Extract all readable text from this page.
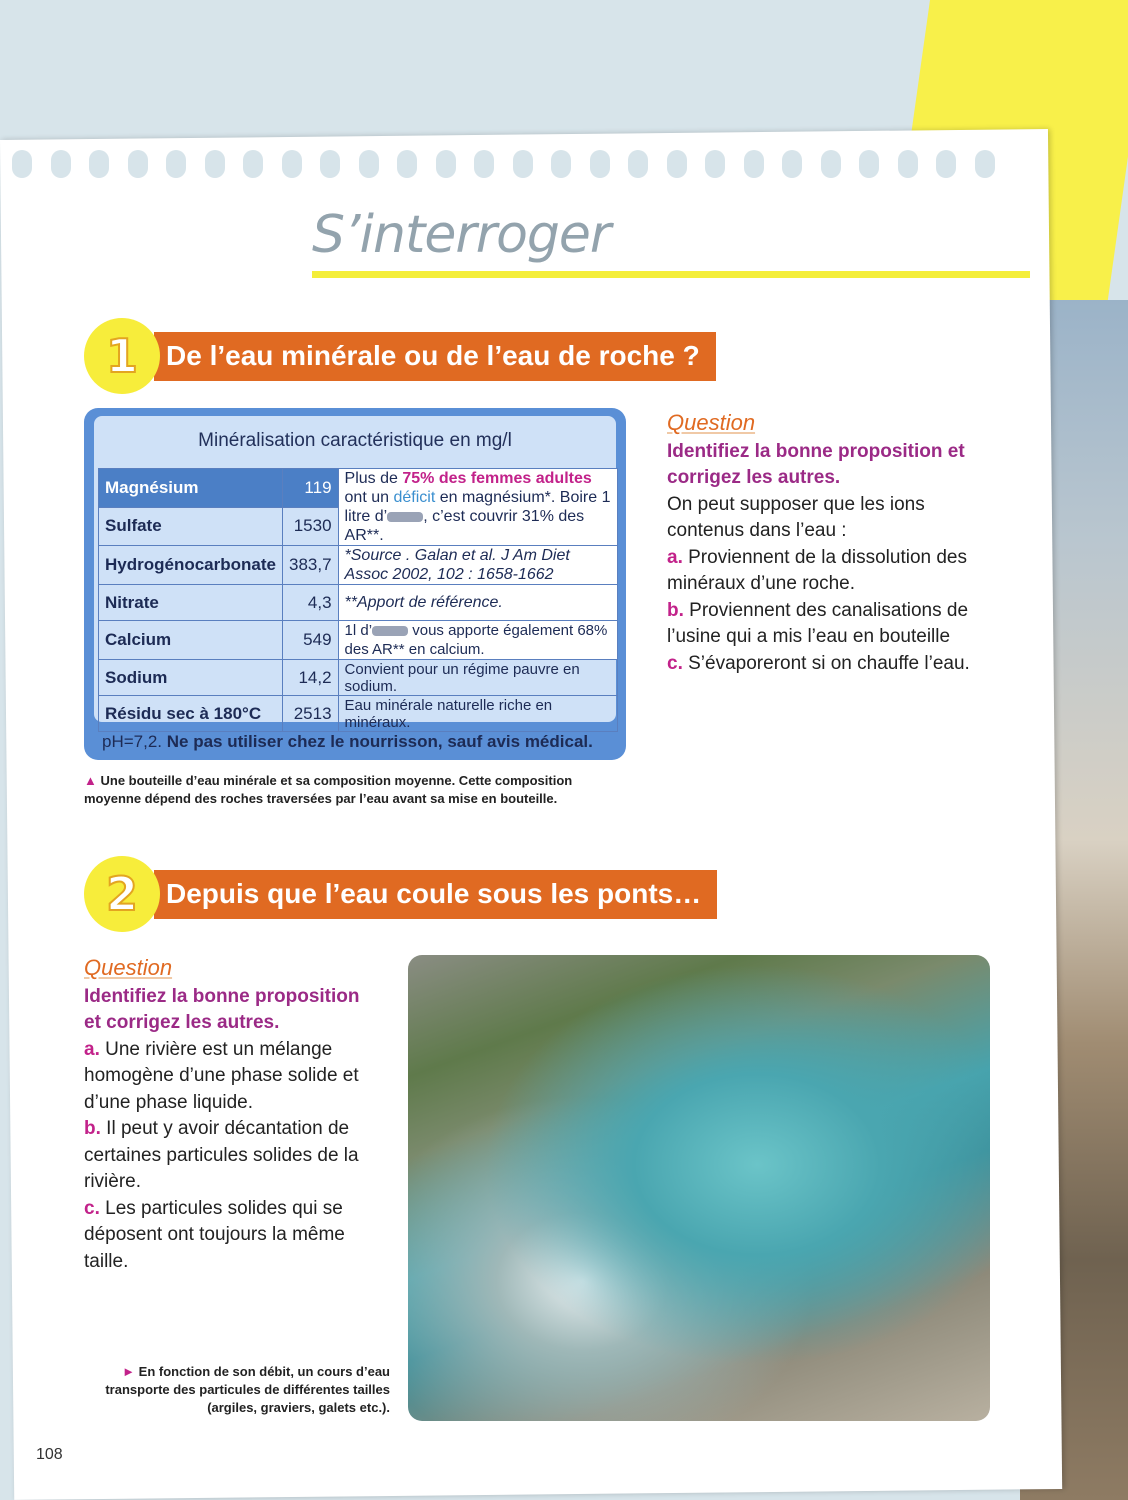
S’interroger
1	De l’eau minérale ou de l’eau de roche ?
Minéralisation caractéristique en mg/l
Magnésium	119	Plus de 75% des femmes adultes ont un déficit en magnésium*. Boire 1 litre d’ , c’est couvrir 31% des AR**.
Sulfate	1530	
Hydrogénocarbonate	383,7	*Source . Galan et al. J Am Diet Assoc 2002, 102 : 1658-1662
Nitrate	4,3	**Apport de référence.
Calcium	549	1l d’ vous apporte également 68% des AR** en calcium.
Sodium	14,2	Convient pour un régime pauvre en sodium.
Résidu sec à 180°C	2513	Eau minérale naturelle riche en minéraux.
pH=7,2. Ne pas utiliser chez le nourrisson, sauf avis médical.
▲ Une bouteille d’eau minérale et sa composition moyenne. Cette composition moyenne dépend des roches traversées par l’eau avant sa mise en bouteille.
Question
Identifiez la bonne proposition et corrigez les autres.
On peut supposer que les ions contenus dans l’eau :
a. Proviennent de la dissolution des minéraux d’une roche.
b. Proviennent des canalisations de l’usine qui a mis l’eau en bouteille
c. S’évaporeront si on chauffe l’eau.
2	Depuis que l’eau coule sous les ponts…
Question
Identifiez la bonne proposition et corrigez les autres.
a. Une rivière est un mélange homogène d’une phase solide et d’une phase liquide.
b. Il peut y avoir décantation de certaines particules solides de la rivière.
c. Les particules solides qui se déposent ont toujours la même taille.
► En fonction de son débit, un cours d’eau transporte des particules de différentes tailles (argiles, graviers, galets etc.).
108
